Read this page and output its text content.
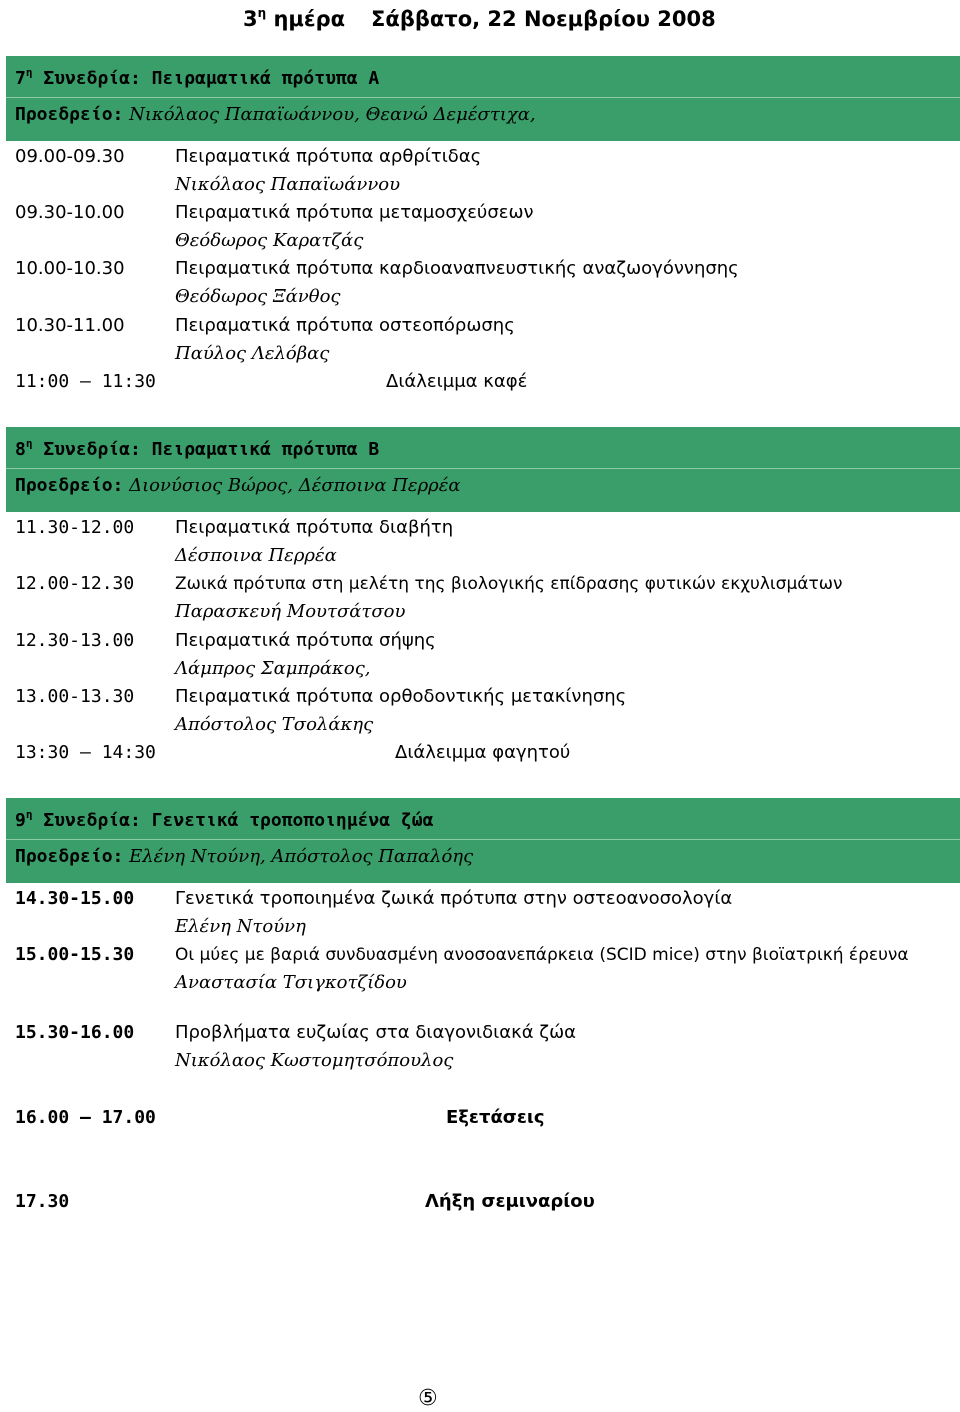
$3^\eta$ ημέρα Σάββατο, 22 Νοεμβρίου 2008
$7^\eta$ Συνεδρία: Πειραματικά πρότυπα Α
Προεδρείο: Νικόλαος Παπαϊωάννου, Θεανώ Δεμέστιχα,
09.00-09.30	Πειραματικά πρότυπα αρθρίτιδας
Νικόλαος Παπαϊωάννου
09.30-10.00	Πειραματικά πρότυπα μεταμοσχεύσεων
Θεόδωρος Καρατζάς
10.00-10.30	Πειραματικά πρότυπα καρδιοαναπνευστικής αναζωογόννησης
Θεόδωρος Ξάνθος
10.30-11.00	Πειραματικά πρότυπα οστεοπόρωσης
Παύλος Λελόβας
11:00 – 11:30	Διάλειμμα καφέ
$8^\eta$ Συνεδρία: Πειραματικά πρότυπα Β
Προεδρείο: Διονύσιος Βώρος, Δέσποινα Περρέα
11.30-12.00 Πειραματικά πρότυπα διαβήτη
Δέσποινα Περρέα
12.00-12.30 Ζωικά πρότυπα στη μελέτη της βιολογικής επίδρασης φυτικών εκχυλισμάτων
Παρασκευή Μουτσάτσου
12.30-13.00 Πειραματικά πρότυπα σήψης
Λάμπρος Σαμπράκος,
13.00-13.30 Πειραματικά πρότυπα ορθοδοντικής μετακίνησης
Απόστολος Τσολάκης
13:30 – 14:30	Διάλειμμα φαγητού
$9^\eta$ Συνεδρία: Γενετικά τροποποιημένα ζώα
Προεδρείο: Ελένη Ντούνη, Απόστολος Παπαλόης
14.30-15.00 Γενετικά τροποιημένα ζωικά πρότυπα στην οστεοανοσολογία
Ελένη Ντούνη
15.00-15.30 Οι μύες με βαριά συνδυασμένη ανοσοανεπάρκεια (SCID mice) στην βιοϊατρική έρευνα
Αναστασία Τσιγκοτζίδου
15.30-16.00 Προβλήματα ευζωίας στα διαγονιδιακά ζώα
Νικόλαος Κωστομητσόπουλος
16.00 – 17.00	Εξετάσεις
17.30	Λήξη σεμιναρίου
⑤
